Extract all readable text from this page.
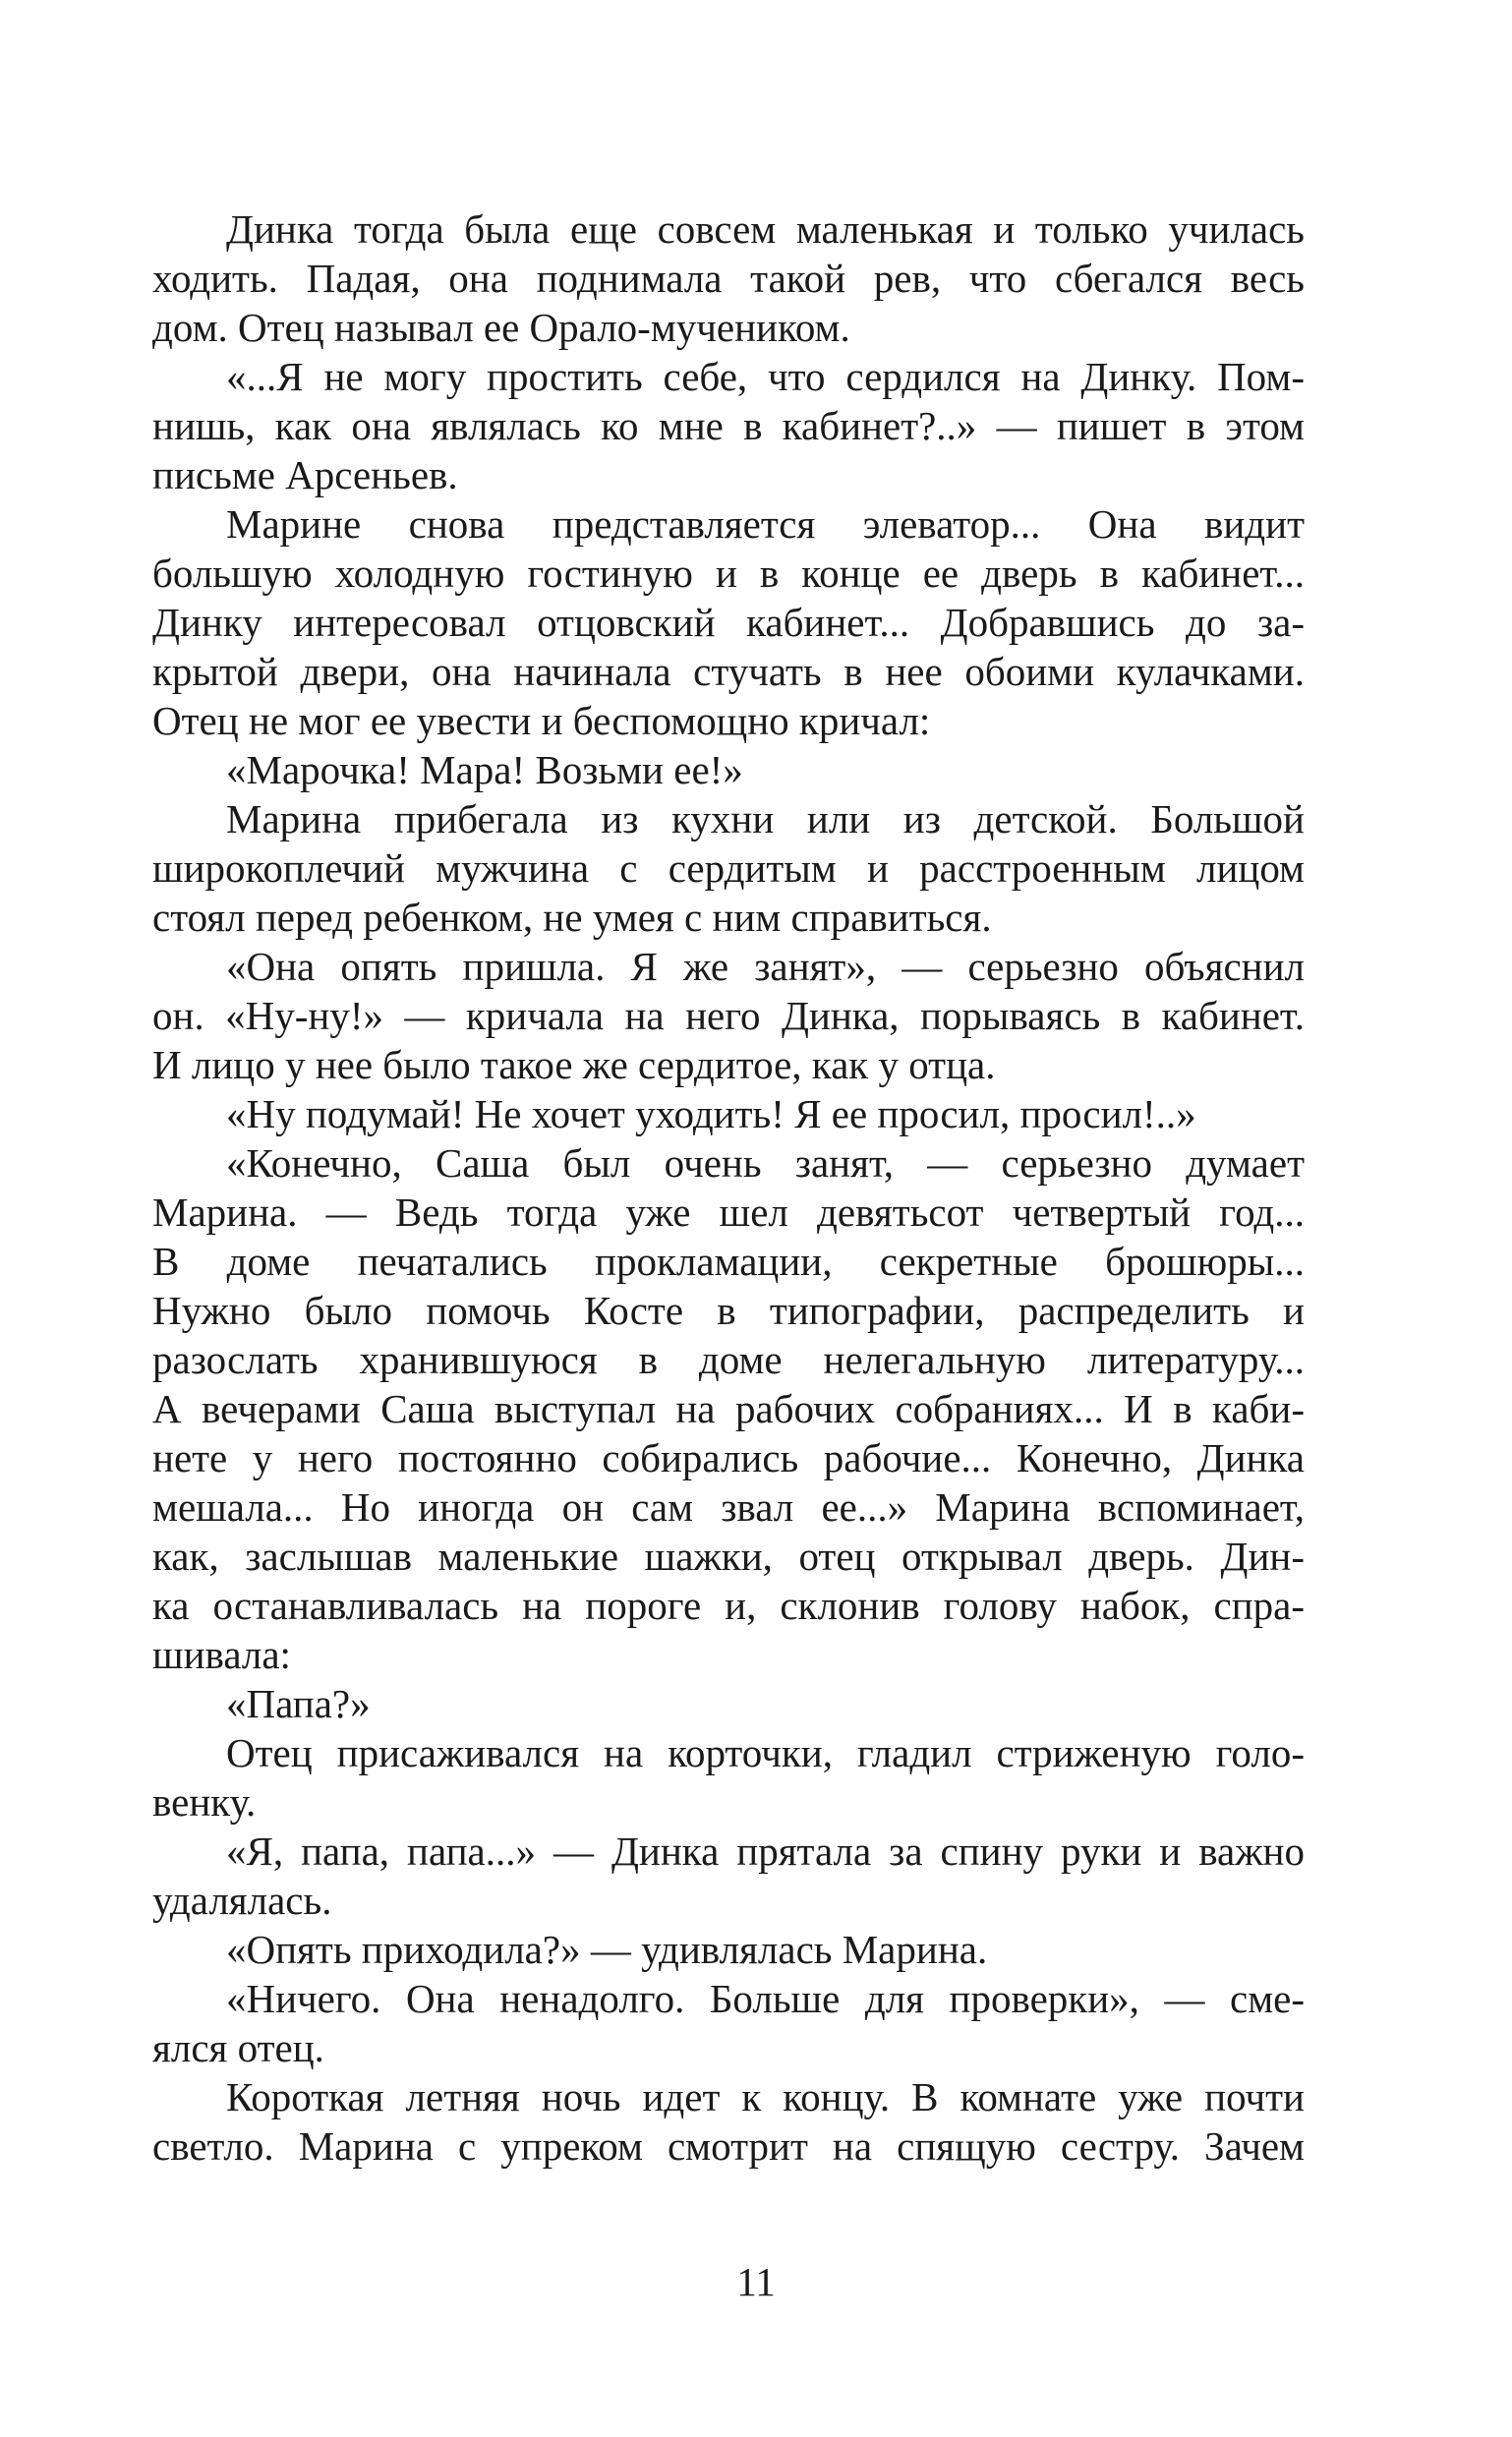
Динка тогда была еще совсем маленькая и только училась
ходить. Падая, она поднимала такой рев, что сбегался весь
дом. Отец называл ее Орало-мучеником.
«...Я не могу простить себе, что сердился на Динку. Пом-
нишь, как она являлась ко мне в кабинет?..» — пишет в этом
письме Арсеньев.
Марине снова представляется элеватор... Она видит
большую холодную гостиную и в конце ее дверь в кабинет...
Динку интересовал отцовский кабинет... Добравшись до за-
крытой двери, она начинала стучать в нее обоими кулачками.
Отец не мог ее увести и беспомощно кричал:
«Марочка! Мара! Возьми ее!»
Марина прибегала из кухни или из детской. Большой
широкоплечий мужчина с сердитым и расстроенным лицом
стоял перед ребенком, не умея с ним справиться.
«Она опять пришла. Я же занят», — серьезно объяснил
он. «Ну-ну!» — кричала на него Динка, порываясь в кабинет.
И лицо у нее было такое же сердитое, как у отца.
«Ну подумай! Не хочет уходить! Я ее просил, просил!..»
«Конечно, Саша был очень занят, — серьезно думает
Марина. — Ведь тогда уже шел девятьсот четвертый год...
В доме печатались прокламации, секретные брошюры...
Нужно было помочь Косте в типографии, распределить и
разослать хранившуюся в доме нелегальную литературу...
А вечерами Саша выступал на рабочих собраниях... И в каби-
нете у него постоянно собирались рабочие... Конечно, Динка
мешала... Но иногда он сам звал ее...» Марина вспоминает,
как, заслышав маленькие шажки, отец открывал дверь. Дин-
ка останавливалась на пороге и, склонив голову набок, спра-
шивала:
«Папа?»
Отец присаживался на корточки, гладил стриженую голо-
венку.
«Я, папа, папа...» — Динка прятала за спину руки и важно
удалялась.
«Опять приходила?» — удивлялась Марина.
«Ничего. Она ненадолго. Больше для проверки», — сме-
ялся отец.
Короткая летняя ночь идет к концу. В комнате уже почти
светло. Марина с упреком смотрит на спящую сестру. Зачем
11
